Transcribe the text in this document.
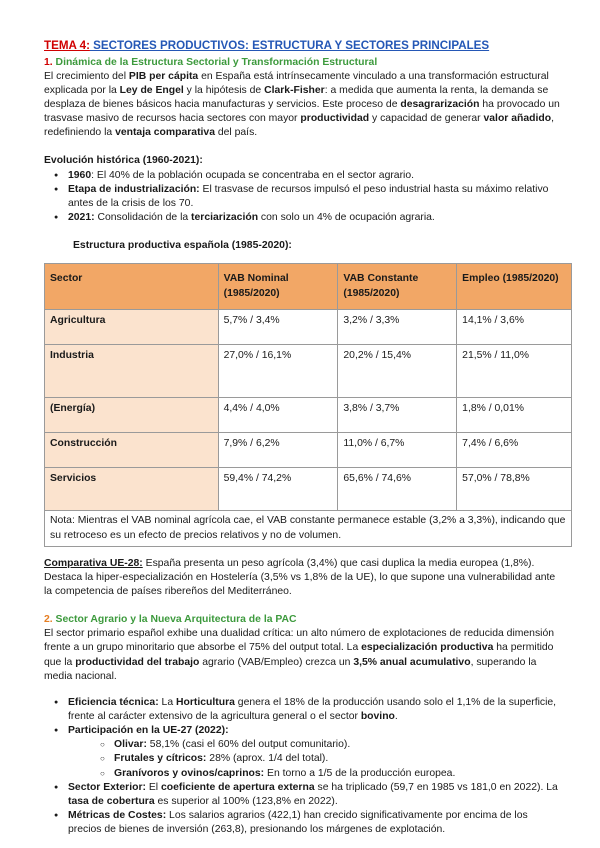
TEMA 4: SECTORES PRODUCTIVOS: ESTRUCTURA Y SECTORES PRINCIPALES
1. Dinámica de la Estructura Sectorial y Transformación Estructural

El crecimiento del PIB per cápita en España está intrínsecamente vinculado a una transformación estructural explicada por la Ley de Engel y la hipótesis de Clark-Fisher: a medida que aumenta la renta, la demanda se desplaza de bienes básicos hacia manufacturas y servicios. Este proceso de desagrarización ha provocado un trasvase masivo de recursos hacia sectores con mayor productividad y capacidad de generar valor añadido, redefiniendo la ventaja comparativa del país.

Evolución histórica (1960-2021):

● 1960: El 40% de la población ocupada se concentraba en el sector agrario.
● Etapa de industrialización: El trasvase de recursos impulsó el peso industrial hasta su máximo relativo antes de la crisis de los 70.
● 2021: Consolidación de la terciarización con solo un 4% de ocupación agraria.

Estructura productiva española (1985-2020):

Sector	VAB Nominal (1985/2020)	VAB Constante (1985/2020)	Empleo (1985/2020)
Agricultura	5,7% / 3,4%	3,2% / 3,3%	14,1% / 3,6%
Industria	27,0% / 16,1%	20,2% / 15,4%	21,5% / 11,0%
(Energía)	4,4% / 4,0%	3,8% / 3,7%	1,8% / 0,01%
Construcción	7,9% / 6,2%	11,0% / 6,7%	7,4% / 6,6%
Servicios	59,4% / 74,2%	65,6% / 74,6%	57,0% / 78,8%
Nota: Mientras el VAB nominal agrícola cae, el VAB constante permanece estable (3,2% a 3,3%), indicando que su retroceso es un efecto de precios relativos y no de volumen.			

Comparativa UE-28: España presenta un peso agrícola (3,4%) que casi duplica la media europea (1,8%). Destaca la hiper-especialización en Hostelería (3,5% vs 1,8% de la UE), lo que supone una vulnerabilidad ante la competencia de países ribereños del Mediterráneo.

2. Sector Agrario y la Nueva Arquitectura de la PAC

El sector primario español exhibe una dualidad crítica: un alto número de explotaciones de reducida dimensión frente a un grupo minoritario que absorbe el 75% del output total. La especialización productiva ha permitido que la productividad del trabajo agrario (VAB/Empleo) crezca un 3,5% anual acumulativo, superando la media nacional.

● Eficiencia técnica: La Horticultura genera el 18% de la producción usando solo el 1,1% de la superficie, frente al carácter extensivo de la agricultura general o el sector bovino.
● Participación en la UE-27 (2022):
○ Olivar: 58,1% (casi el 60% del output comunitario).
○ Frutales y cítricos: 28% (aprox. 1/4 del total).
○ Granívoros y ovinos/caprinos: En torno a 1/5 de la producción europea.
● Sector Exterior: El coeficiente de apertura externa se ha triplicado (59,7 en 1985 vs 181,0 en 2022). La tasa de cobertura es superior al 100% (123,8% en 2022).
● Métricas de Costes: Los salarios agrarios (422,1) han crecido significativamente por encima de los precios de bienes de inversión (263,8), presionando los márgenes de explotación.
